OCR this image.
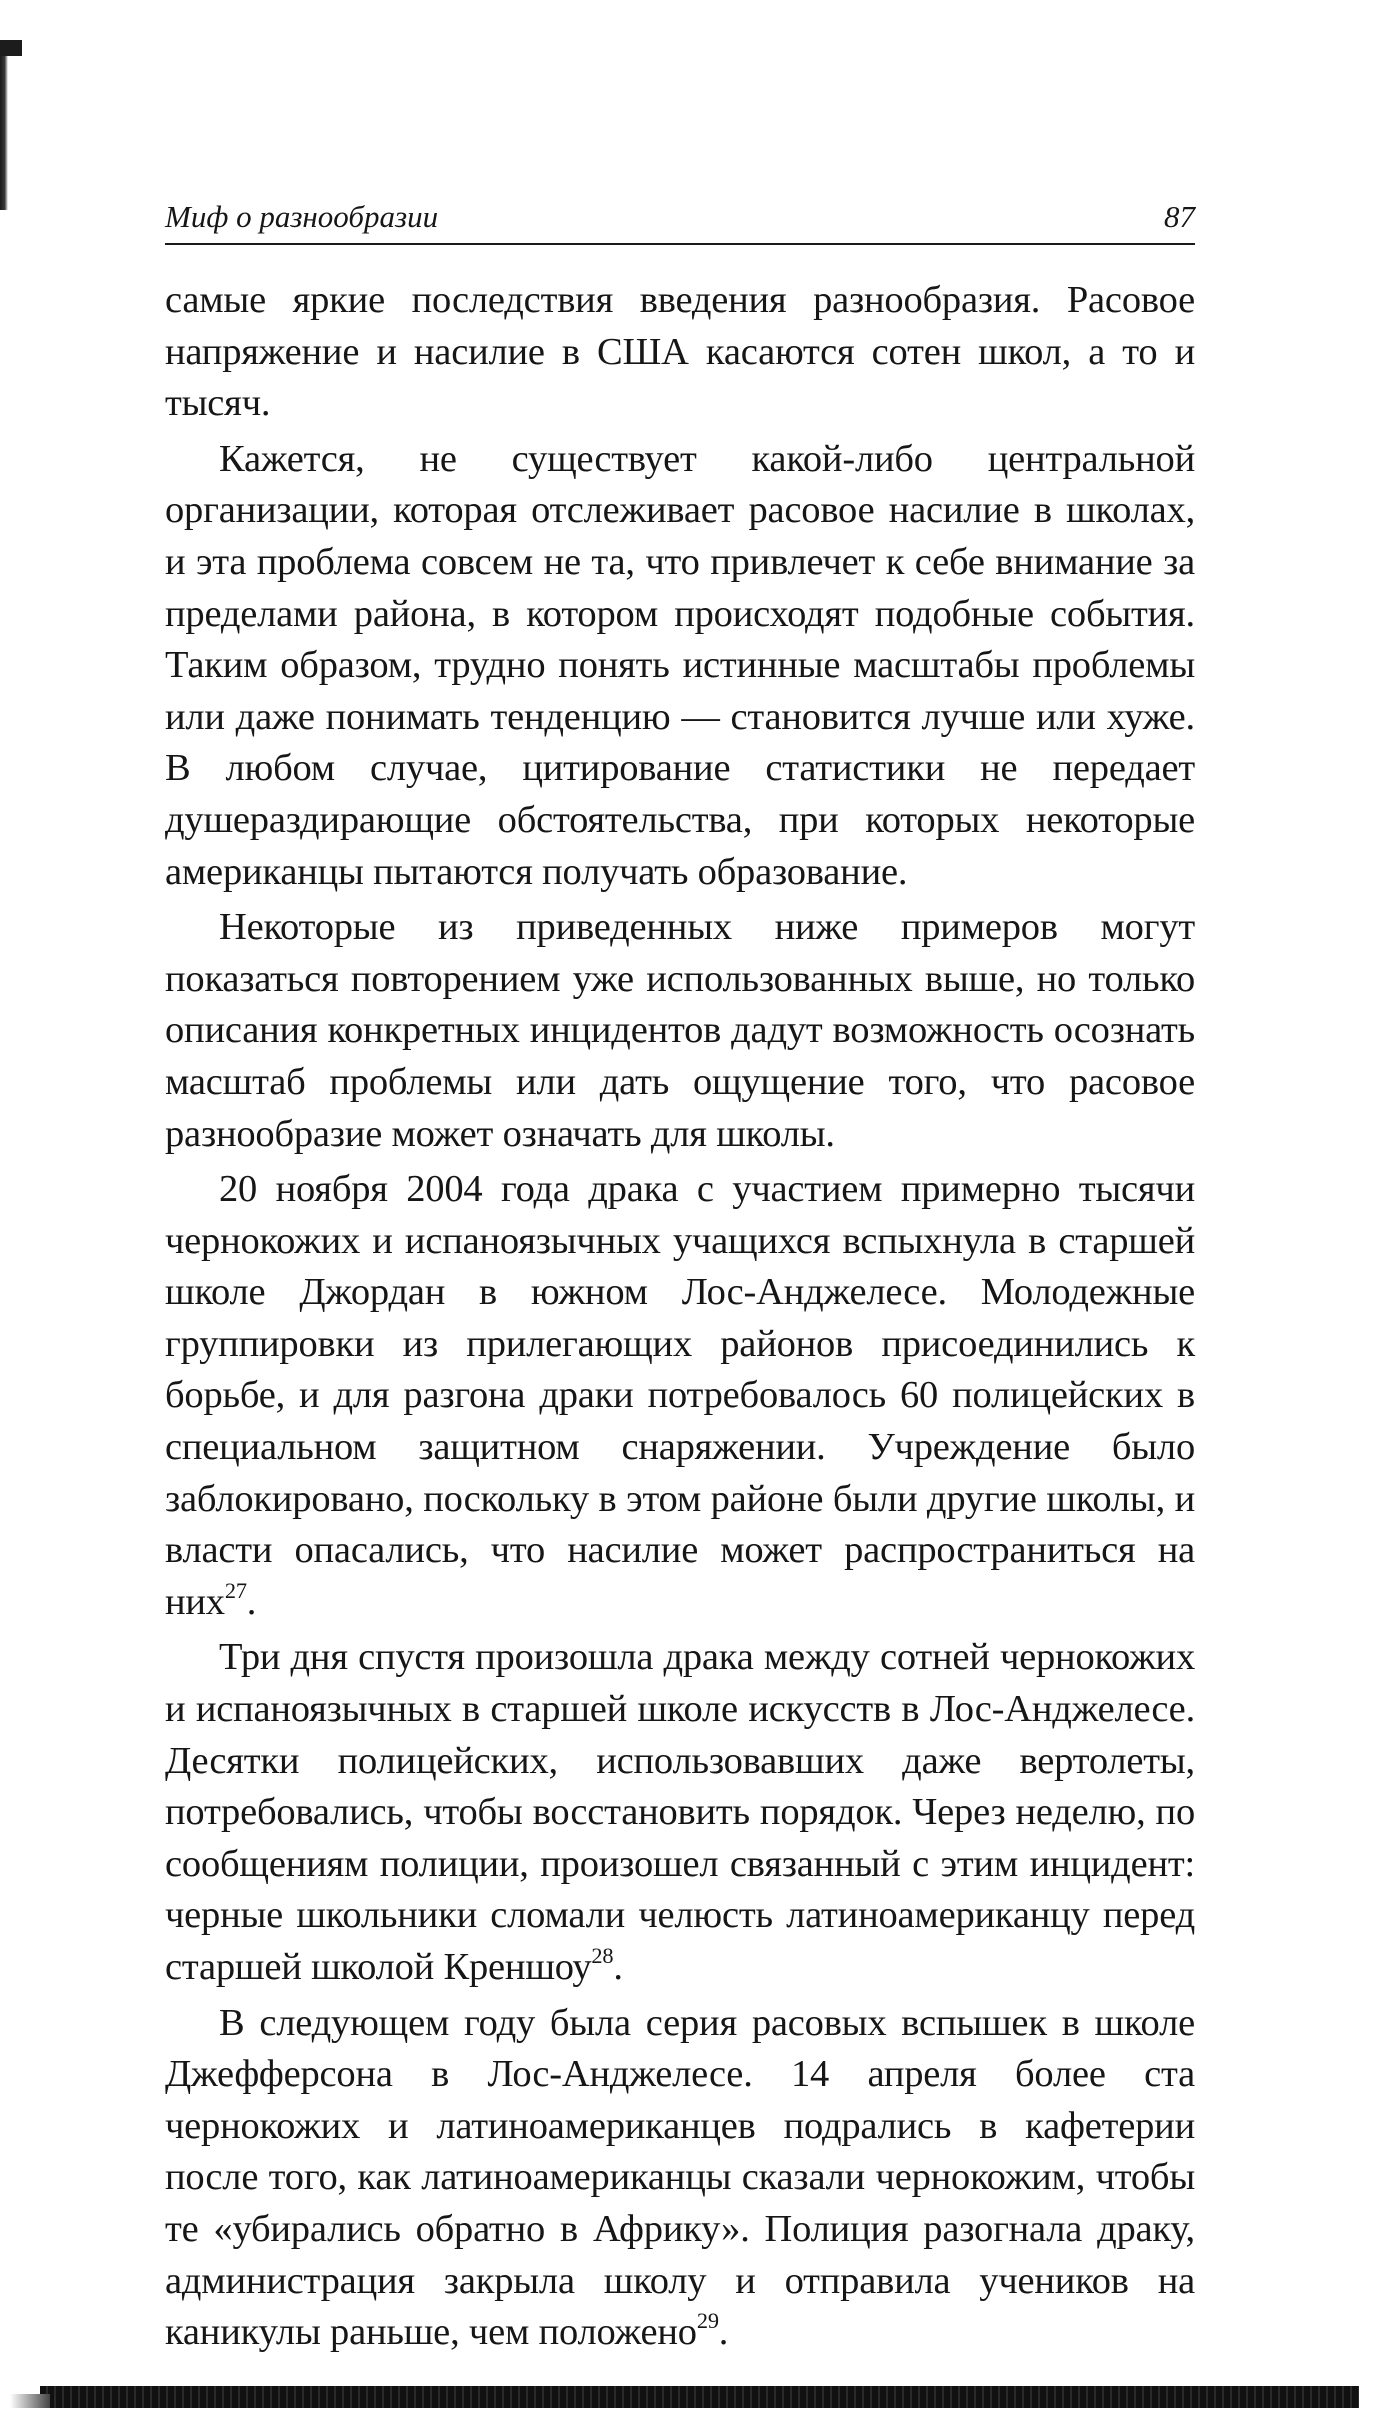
Миф о разнообразии	87

самые яркие последствия введения разнообразия. Расовое напряжение и насилие в США касаются сотен школ, а то и тысяч.

Кажется, не существует какой-либо центральной организации, которая отслеживает расовое насилие в школах, и эта проблема совсем не та, что привлечет к себе внимание за пределами района, в котором происходят подобные события. Таким образом, трудно понять истинные масштабы проблемы или даже понимать тенденцию — становится лучше или хуже. В любом случае, цитирование статистики не передает душераздирающие обстоятельства, при которых некоторые американцы пытаются получать образование.

Некоторые из приведенных ниже примеров могут показаться повторением уже использованных выше, но только описания конкретных инцидентов дадут возможность осознать масштаб проблемы или дать ощущение того, что расовое разнообразие может означать для школы.

20 ноября 2004 года драка с участием примерно тысячи чернокожих и испаноязычных учащихся вспыхнула в старшей школе Джордан в южном Лос-Анджелесе. Молодежные группировки из прилегающих районов присоединились к борьбе, и для разгона драки потребовалось 60 полицейских в специальном защитном снаряжении. Учреждение было заблокировано, поскольку в этом районе были другие школы, и власти опасались, что насилие может распространиться на них$^{27}$.

Три дня спустя произошла драка между сотней чернокожих и испаноязычных в старшей школе искусств в Лос-Анджелесе. Десятки полицейских, использовавших даже вертолеты, потребовались, чтобы восстановить порядок. Через неделю, по сообщениям полиции, произошел связанный с этим инцидент: черные школьники сломали челюсть латиноамериканцу перед старшей школой Креншоу$^{28}$.

В следующем году была серия расовых вспышек в школе Джефферсона в Лос-Анджелесе. 14 апреля более ста чернокожих и латиноамериканцев подрались в кафетерии после того, как латиноамериканцы сказали чернокожим, чтобы те «убирались обратно в Африку». Полиция разогнала драку, администрация закрыла школу и отправила учеников на каникулы раньше, чем положено$^{29}$.
